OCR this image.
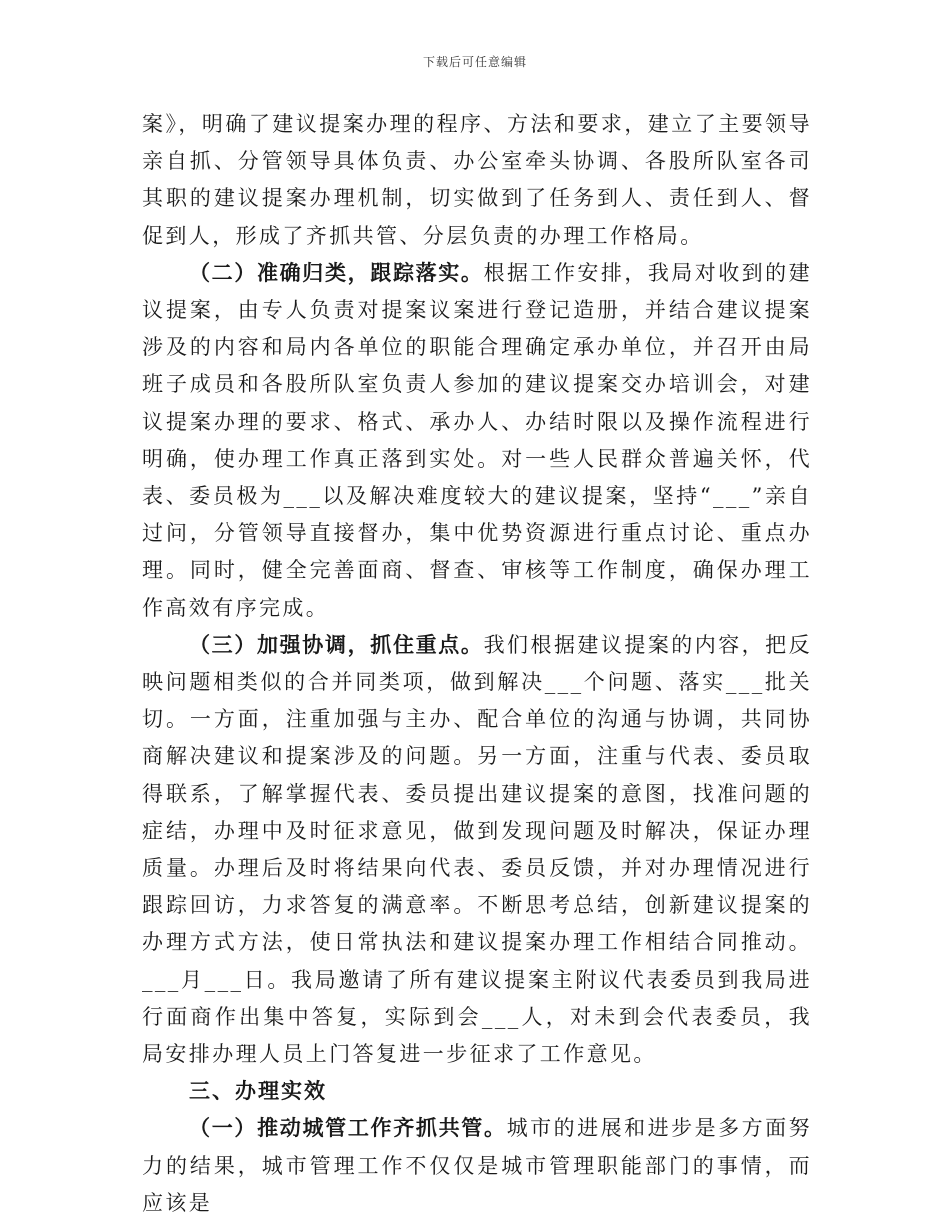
下载后可任意编辑

案》，明确了建议提案办理的程序、方法和要求，建立了主要领导亲自抓、分管领导具体负责、办公室牵头协调、各股所队室各司其职的建议提案办理机制，切实做到了任务到人、责任到人、督促到人，形成了齐抓共管、分层负责的办理工作格局。

（二）准确归类，跟踪落实。根据工作安排，我局对收到的建议提案，由专人负责对提案议案进行登记造册，并结合建议提案涉及的内容和局内各单位的职能合理确定承办单位，并召开由局班子成员和各股所队室负责人参加的建议提案交办培训会，对建议提案办理的要求、格式、承办人、办结时限以及操作流程进行明确，使办理工作真正落到实处。对一些人民群众普遍关怀，代表、委员极为___以及解决难度较大的建议提案，坚持“___”亲自过问，分管领导直接督办，集中优势资源进行重点讨论、重点办理。同时，健全完善面商、督查、审核等工作制度，确保办理工作高效有序完成。

（三）加强协调，抓住重点。我们根据建议提案的内容，把反映问题相类似的合并同类项，做到解决___个问题、落实___批关切。一方面，注重加强与主办、配合单位的沟通与协调，共同协商解决建议和提案涉及的问题。另一方面，注重与代表、委员取得联系，了解掌握代表、委员提出建议提案的意图，找准问题的症结，办理中及时征求意见，做到发现问题及时解决，保证办理质量。办理后及时将结果向代表、委员反馈，并对办理情况进行跟踪回访，力求答复的满意率。不断思考总结，创新建议提案的办理方式方法，使日常执法和建议提案办理工作相结合同推动。___月___日。我局邀请了所有建议提案主附议代表委员到我局进行面商作出集中答复，实际到会___人，对未到会代表委员，我局安排办理人员上门答复进一步征求了工作意见。

三、办理实效

（一）推动城管工作齐抓共管。城市的进展和进步是多方面努力的结果，城市管理工作不仅仅是城市管理职能部门的事情，而应该是
